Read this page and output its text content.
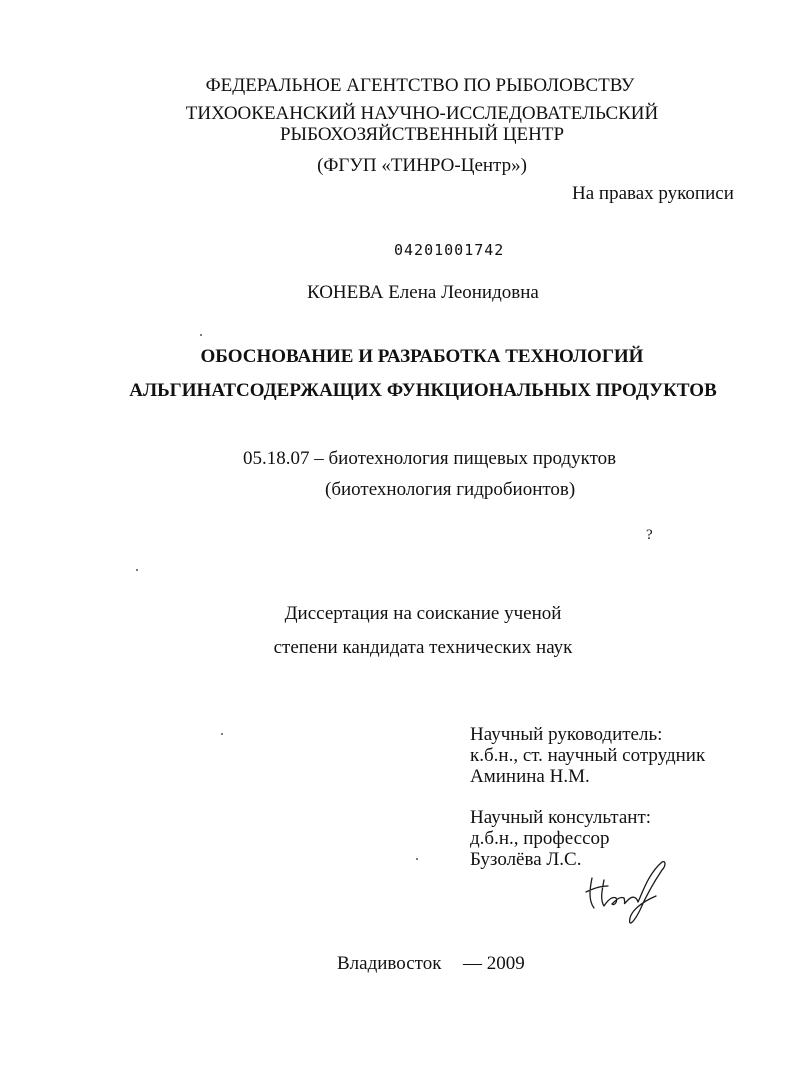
ФЕДЕРАЛЬНОЕ АГЕНТСТВО ПО РЫБОЛОВСТВУ
ТИХООКЕАНСКИЙ НАУЧНО-ИССЛЕДОВАТЕЛЬСКИЙ
РЫБОХОЗЯЙСТВЕННЫЙ ЦЕНТР
(ФГУП «ТИНРО-Центр»)
На правах рукописи
04201001742
КОНЕВА Елена Леонидовна
ОБОСНОВАНИЕ И РАЗРАБОТКА ТЕХНОЛОГИЙ
АЛЬГИНАТСОДЕРЖАЩИХ ФУНКЦИОНАЛЬНЫХ ПРОДУКТОВ
05.18.07 – биотехнология пищевых продуктов
(биотехнология гидробионтов)
?
Диссертация на соискание ученой
степени кандидата технических наук
Научный руководитель:
к.б.н., ст. научный сотрудник
Аминина Н.М.
Научный консультант:
д.б.н., профессор
Бузолёва Л.С.
Владивосток — 2009
